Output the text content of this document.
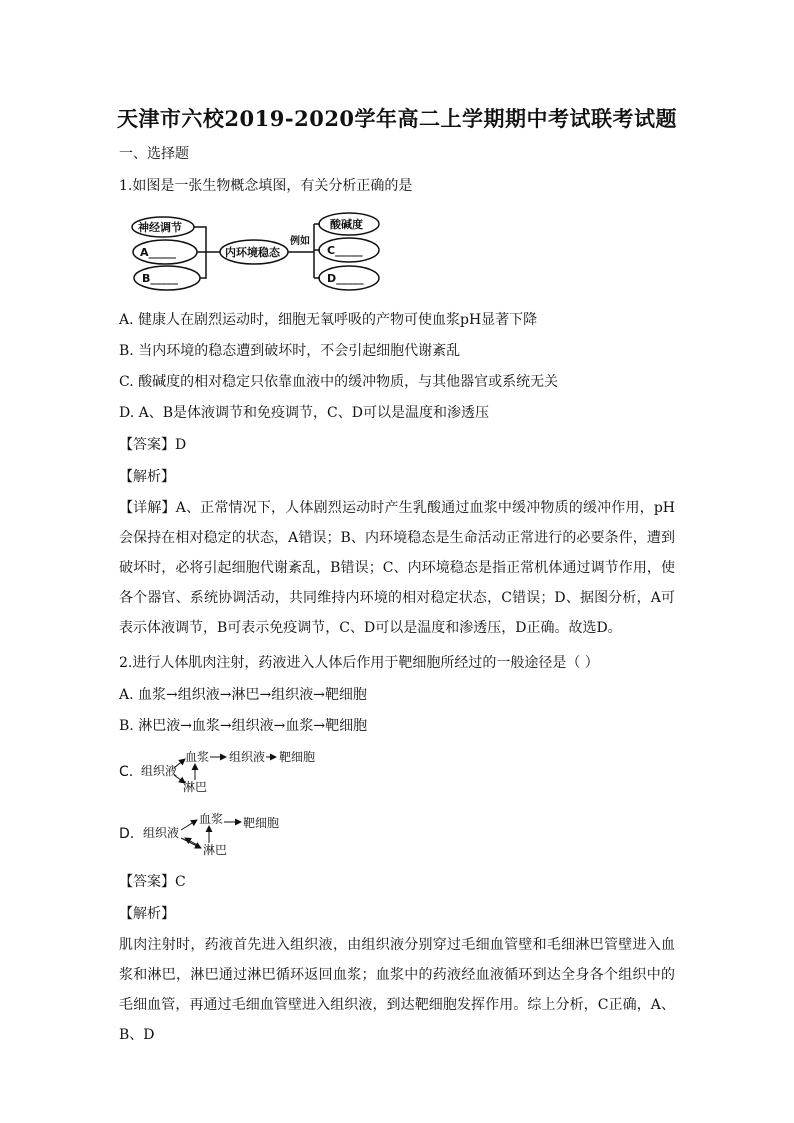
天津市六校2019-2020学年高二上学期期中考试联考试题
一、选择题
1.如图是一张生物概念填图，有关分析正确的是
神经调节
A_____
B_____
内环境稳态
例如
酸碱度
C_____
D_____
A. 健康人在剧烈运动时，细胞无氧呼吸的产物可使血浆pH显著下降
B. 当内环境的稳态遭到破坏时，不会引起细胞代谢紊乱
C. 酸碱度的相对稳定只依靠血液中的缓冲物质，与其他器官或系统无关
D. A、B是体液调节和免疫调节，C、D可以是温度和渗透压
【答案】D
【解析】
【详解】A、正常情况下，人体剧烈运动时产生乳酸通过血浆中缓冲物质的缓冲作用，pH会保持在相对稳定的状态，A错误；B、内环境稳态是生命活动正常进行的必要条件，遭到破坏时，必将引起细胞代谢紊乱，B错误；C、内环境稳态是指正常机体通过调节作用，使各个器官、系统协调活动，共同维持内环境的相对稳定状态，C错误；D、据图分析，A可表示体液调节，B可表示免疫调节，C、D可以是温度和渗透压，D正确。故选D。
2.进行人体肌肉注射，药液进入人体后作用于靶细胞所经过的一般途径是（ ）
A. 血浆→组织液→淋巴→组织液→靶细胞
B. 淋巴液→血浆→组织液→血浆→靶细胞
C. 组织液
血浆 组织液 靶细胞
淋巴
D. 组织液
血浆 靶细胞
淋巴
【答案】C
【解析】
肌肉注射时，药液首先进入组织液，由组织液分别穿过毛细血管壁和毛细淋巴管壁进入血浆和淋巴，淋巴通过淋巴循环返回血浆；血浆中的药液经血液循环到达全身各个组织中的毛细血管，再通过毛细血管壁进入组织液，到达靶细胞发挥作用。综上分析，C正确，A、B、D
